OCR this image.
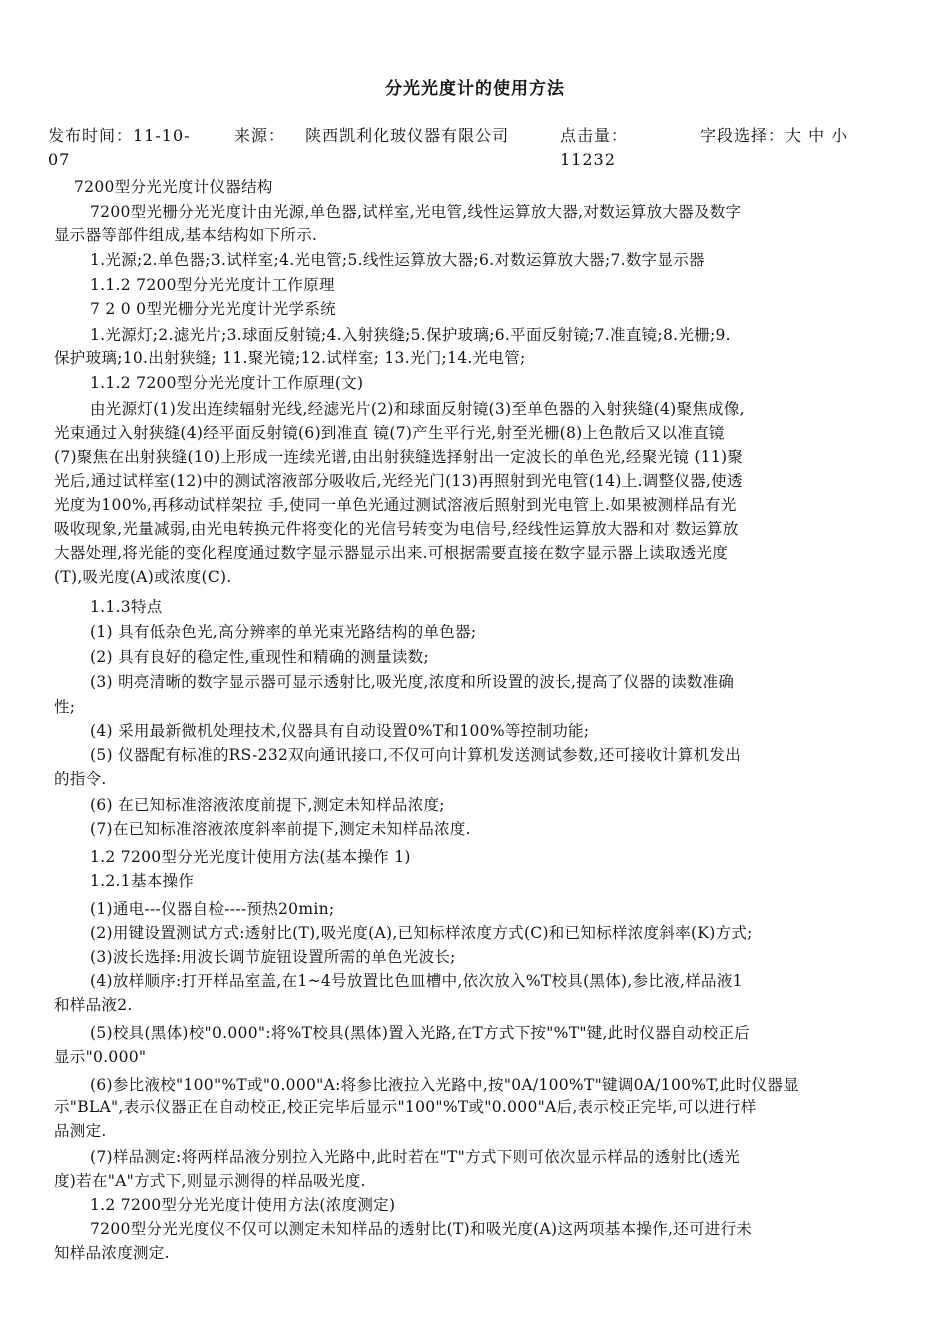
分光光度计的使用方法
发布时间：11-10-07
来源： 陕西凯利化玻仪器有限公司	点击量：11232
字段选择：大 中 小
7200型分光光度计仪器结构
7200型光栅分光光度计由光源,单色器,试样室,光电管,线性运算放大器,对数运算放大器及数字
显示器等部件组成,基本结构如下所示.
1.光源;2.单色器;3.试样室;4.光电管;5.线性运算放大器;6.对数运算放大器;7.数字显示器
1.1.2 7200型分光光度计工作原理
7 2 0 0型光栅分光光度计光学系统
1.光源灯;2.滤光片;3.球面反射镜;4.入射狭缝;5.保护玻璃;6.平面反射镜;7.准直镜;8.光栅;9.
保护玻璃;10.出射狭缝; 11.聚光镜;12.试样室; 13.光门;14.光电管;
1.1.2 7200型分光光度计工作原理(文)
由光源灯(1)发出连续辐射光线,经滤光片(2)和球面反射镜(3)至单色器的入射狭缝(4)聚焦成像,
光束通过入射狭缝(4)经平面反射镜(6)到准直 镜(7)产生平行光,射至光栅(8)上色散后又以准直镜
(7)聚焦在出射狭缝(10)上形成一连续光谱,由出射狭缝选择射出一定波长的单色光,经聚光镜 (11)聚
光后,通过试样室(12)中的测试溶液部分吸收后,光经光门(13)再照射到光电管(14)上.调整仪器,使透
光度为100%,再移动试样架拉 手,使同一单色光通过测试溶液后照射到光电管上.如果被测样品有光
吸收现象,光量减弱,由光电转换元件将变化的光信号转变为电信号,经线性运算放大器和对 数运算放
大器处理,将光能的变化程度通过数字显示器显示出来.可根据需要直接在数字显示器上读取透光度
(T),吸光度(A)或浓度(C).
1.1.3特点
(1) 具有低杂色光,高分辨率的单光束光路结构的单色器;
(2) 具有良好的稳定性,重现性和精确的测量读数;
(3) 明亮清晰的数字显示器可显示透射比,吸光度,浓度和所设置的波长,提高了仪器的读数准确
性;
(4) 采用最新微机处理技术,仪器具有自动设置0%T和100%等控制功能;
(5) 仪器配有标准的RS-232双向通讯接口,不仅可向计算机发送测试参数,还可接收计算机发出
的指令.
(6) 在已知标准溶液浓度前提下,测定未知样品浓度;
(7)在已知标准溶液浓度斜率前提下,测定未知样品浓度.
1.2 7200型分光光度计使用方法(基本操作 1)
1.2.1基本操作
(1)通电---仪器自检----预热20min;
(2)用键设置测试方式:透射比(T),吸光度(A),已知标样浓度方式(C)和已知标样浓度斜率(K)方式;
(3)波长选择:用波长调节旋钮设置所需的单色光波长;
(4)放样顺序:打开样品室盖,在1~4号放置比色皿槽中,依次放入%T校具(黑体),参比液,样品液1
和样品液2.
(5)校具(黑体)校"0.000":将%T校具(黑体)置入光路,在T方式下按"%T"键,此时仪器自动校正后
显示"0.000"
(6)参比液校"100"%T或"0.000"A:将参比液拉入光路中,按"0A/100%T"键调0A/100%T,此时仪器显
示"BLA",表示仪器正在自动校正,校正完毕后显示"100"%T或"0.000"A后,表示校正完毕,可以进行样
品测定.
(7)样品测定:将两样品液分别拉入光路中,此时若在"T"方式下则可依次显示样品的透射比(透光
度)若在"A"方式下,则显示测得的样品吸光度.
1.2 7200型分光光度计使用方法(浓度测定)
7200型分光光度仪不仅可以测定未知样品的透射比(T)和吸光度(A)这两项基本操作,还可进行未
知样品浓度测定.
